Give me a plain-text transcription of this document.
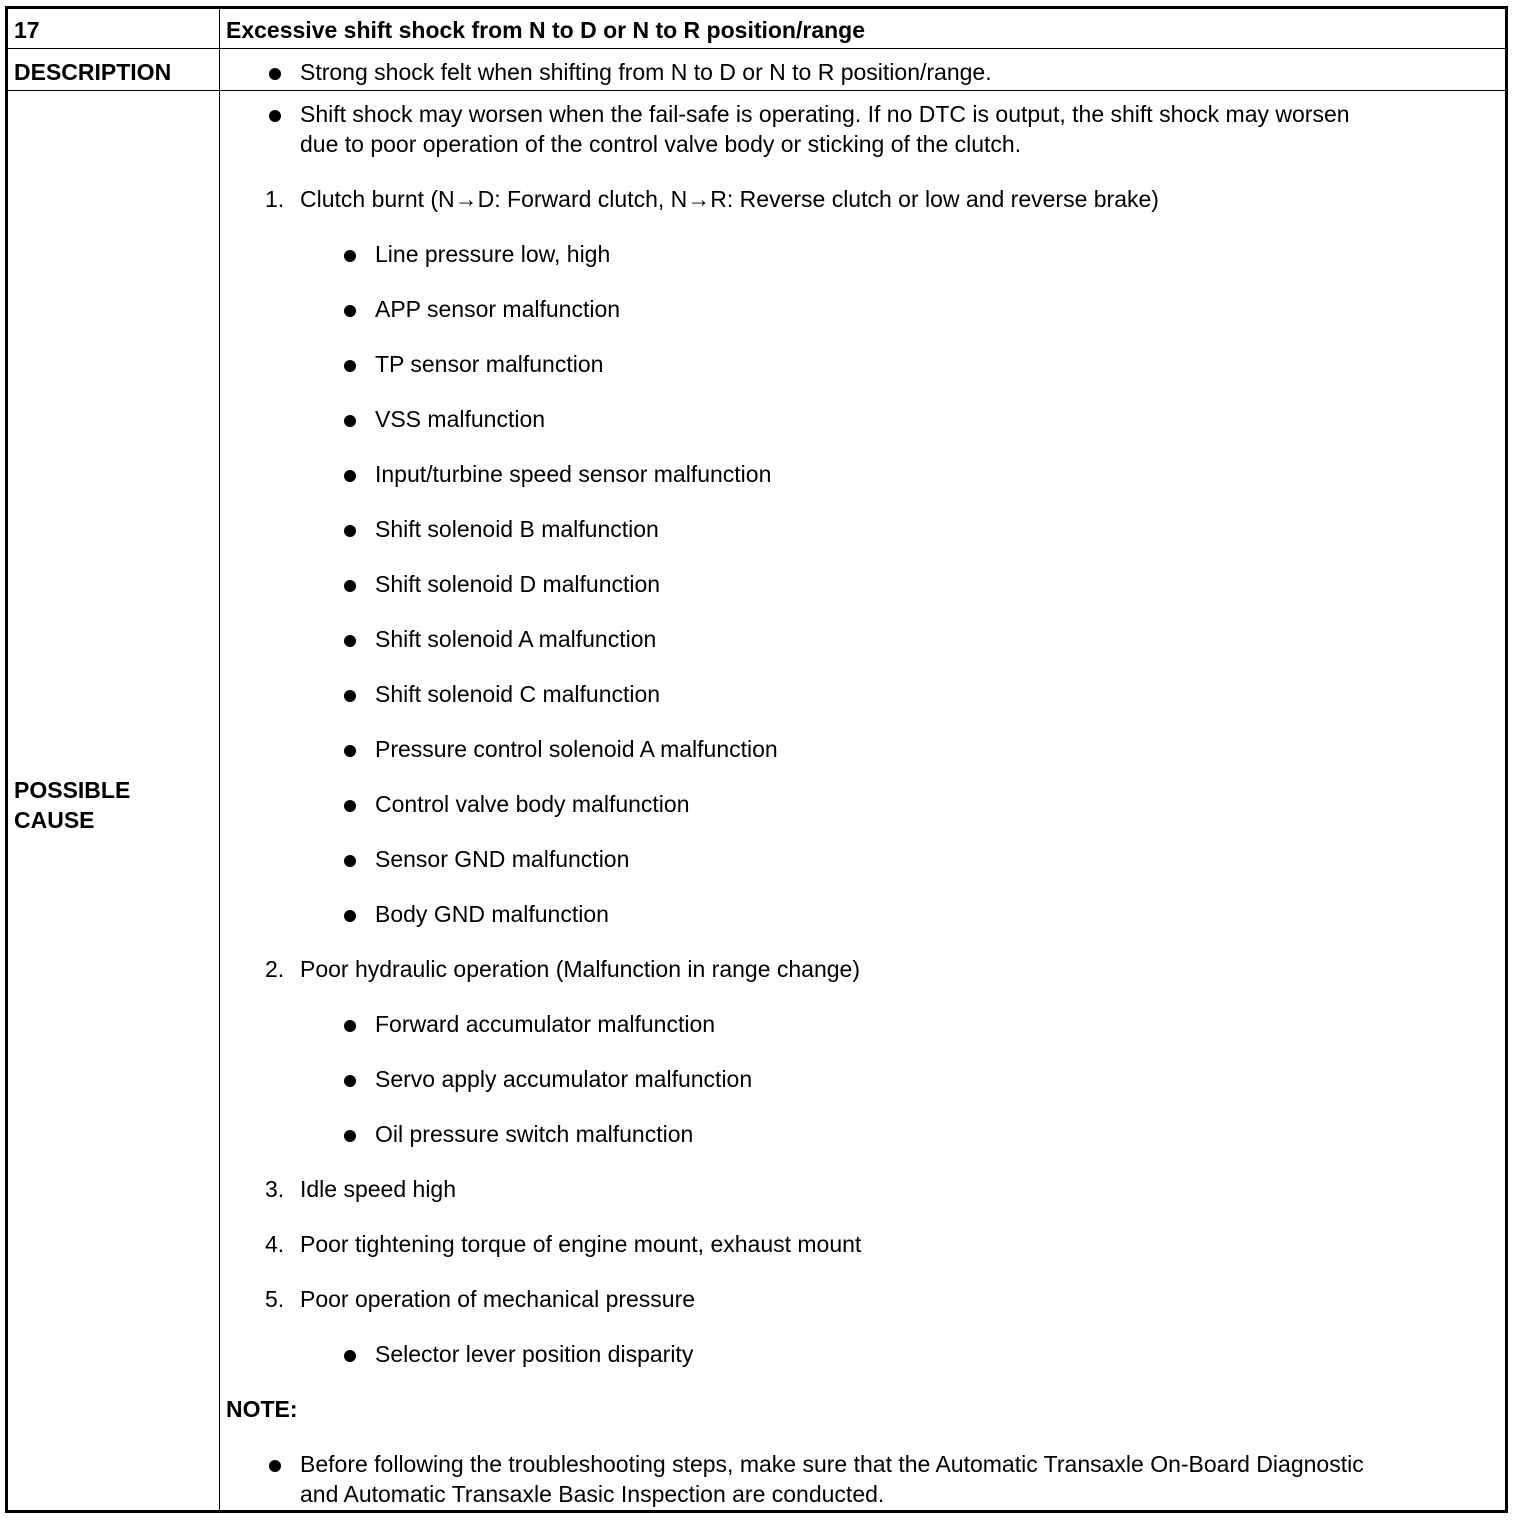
17	Excessive shift shock from N to D or N to R position/range
DESCRIPTION	Strong shock felt when shifting from N to D or N to R position/range.
POSSIBLE
CAUSE
Shift shock may worsen when the fail-safe is operating. If no DTC is output, the shift shock may worsen
due to poor operation of the control valve body or sticking of the clutch.
1. Clutch burnt (N→D: Forward clutch, N→R: Reverse clutch or low and reverse brake)
Line pressure low, high
APP sensor malfunction
TP sensor malfunction
VSS malfunction
Input/turbine speed sensor malfunction
Shift solenoid B malfunction
Shift solenoid D malfunction
Shift solenoid A malfunction
Shift solenoid C malfunction
Pressure control solenoid A malfunction
Control valve body malfunction
Sensor GND malfunction
Body GND malfunction
2. Poor hydraulic operation (Malfunction in range change)
Forward accumulator malfunction
Servo apply accumulator malfunction
Oil pressure switch malfunction
3. Idle speed high
4. Poor tightening torque of engine mount, exhaust mount
5. Poor operation of mechanical pressure
Selector lever position disparity
NOTE:
Before following the troubleshooting steps, make sure that the Automatic Transaxle On-Board Diagnostic
and Automatic Transaxle Basic Inspection are conducted.
